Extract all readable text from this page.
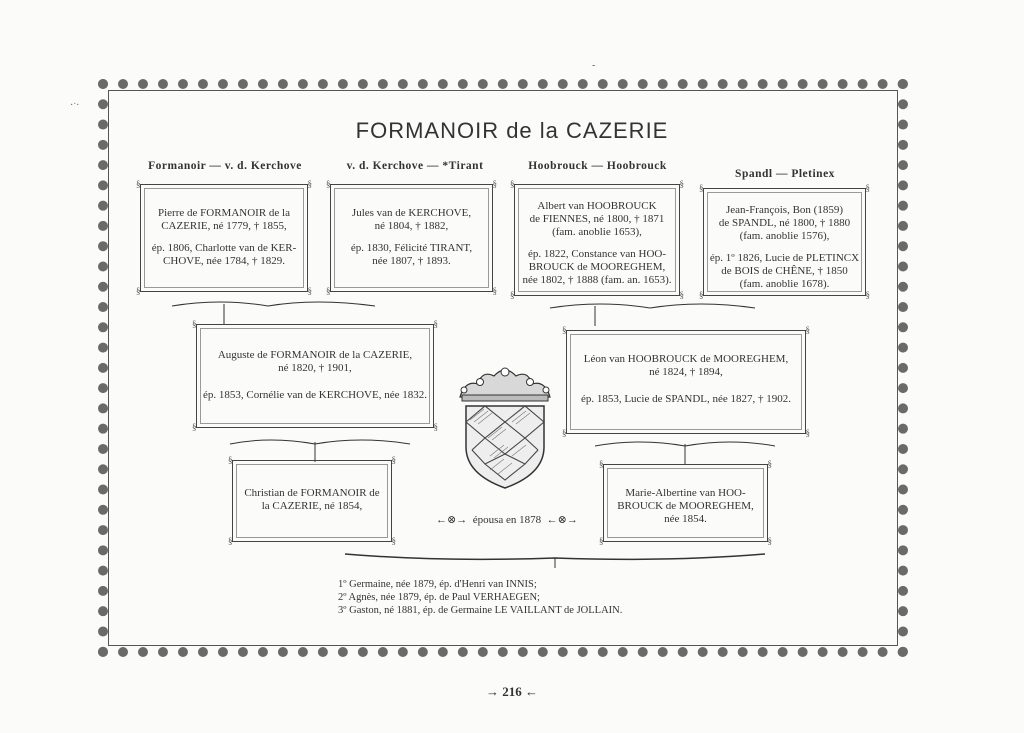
·ˑ·
‑
FORMANOIR de la CAZERIE
Formanoir — v. d. Kerchove	v. d. Kerchove — *Tirant	Hoobrouck — Hoobrouck
Spandl — Pletinex
§	§
§	§

Pierre de FORMANOIR de la

CAZERIE, né 1779, † 1855,

ép. 1806, Charlotte van de KER-

CHOVE, née 1784, † 1829.

§	§
§	§

Jules van de KERCHOVE,

né 1804, † 1882,

ép. 1830, Félicité TIRANT,

née 1807, † 1893.

§	§
§	§

Albert van HOOBROUCK

de FIENNES, né 1800, † 1871

(fam. anoblie 1653),

ép. 1822, Constance van HOO-

BROUCK de MOOREGHEM,

née 1802, † 1888 (fam. an. 1653).

§	§
§	§

Jean-François, Bon (1859)

de SPANDL, né 1800, † 1880

(fam. anoblie 1576),

ép. 1º 1826, Lucie de PLETINCX

de BOIS de CHÊNE, † 1850

(fam. anoblie 1678).

§	§
§	§

Auguste de FORMANOIR de la CAZERIE,

né 1820, † 1901,

ép. 1853, Cornélie van de KERCHOVE, née 1832.

§	§
§	§

Léon van HOOBROUCK de MOOREGHEM,

né 1824, † 1894,

ép. 1853, Lucie de SPANDL, née 1827, † 1902.

§	§
§	§

Christian de FORMANOIR de

la CAZERIE, né 1854,

§	§
§	§

Marie-Albertine van HOO-

BROUCK de MOOREGHEM,

née 1854.

←⊗→ épousa en 1878 ←⊗→
1º Germaine, née 1879, ép. d'Henri van INNIS;
2º Agnès, née 1879, ép. de Paul VERHAEGEN;
3º Gaston, né 1881, ép. de Germaine LE VAILLANT de JOLLAIN.
→ 216 ←
